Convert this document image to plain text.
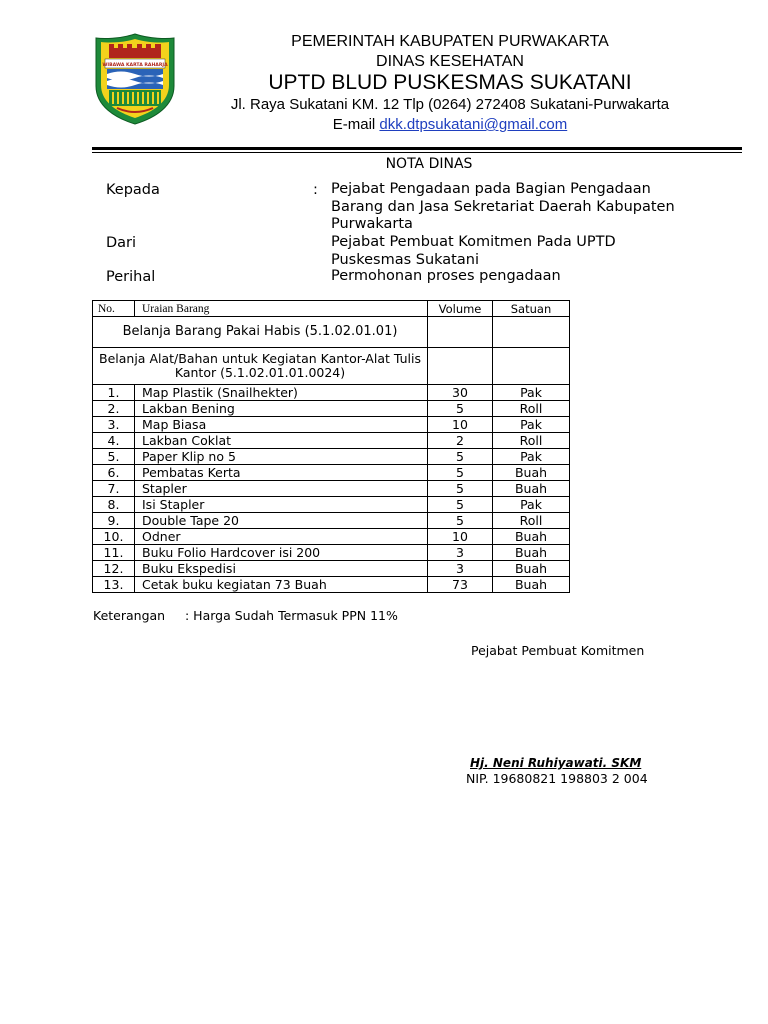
WIBAWA KARTA RAHARJA
PEMERINTAH KABUPATEN PURWAKARTA
DINAS KESEHATAN
UPTD BLUD PUSKESMAS SUKATANI
Jl. Raya Sukatani KM. 12 Tlp (0264) 272408 Sukatani-Purwakarta
E-mail dkk.dtpsukatani@gmail.com
NOTA DINAS
Kepada	: Pejabat Pengadaan pada Bagian Pengadaan Barang dan Jasa Sekretariat Daerah Kabupaten Purwakarta
Dari	Pejabat Pembuat Komitmen Pada UPTD Puskesmas Sukatani
Perihal	Permohonan proses pengadaan
No.	Uraian Barang	Volume	Satuan
Belanja Barang Pakai Habis (5.1.02.01.01)			
Belanja Alat/Bahan untuk Kegiatan Kantor-Alat Tulis Kantor (5.1.02.01.01.0024)			
1.	Map Plastik (Snailhekter)	30	Pak
2.	Lakban Bening	5	Roll
3.	Map Biasa	10	Pak
4.	Lakban Coklat	2	Roll
5.	Paper Klip no 5	5	Pak
6.	Pembatas Kerta	5	Buah
7.	Stapler	5	Buah
8.	Isi Stapler	5	Pak
9.	Double Tape 20	5	Roll
10.	Odner	10	Buah
11.	Buku Folio Hardcover isi 200	3	Buah
12.	Buku Ekspedisi	3	Buah
13.	Cetak buku kegiatan 73 Buah	73	Buah
Keterangan : Harga Sudah Termasuk PPN 11%
Pejabat Pembuat Komitmen
Hj. Neni Ruhiyawati. SKM
NIP. 19680821 198803 2 004
